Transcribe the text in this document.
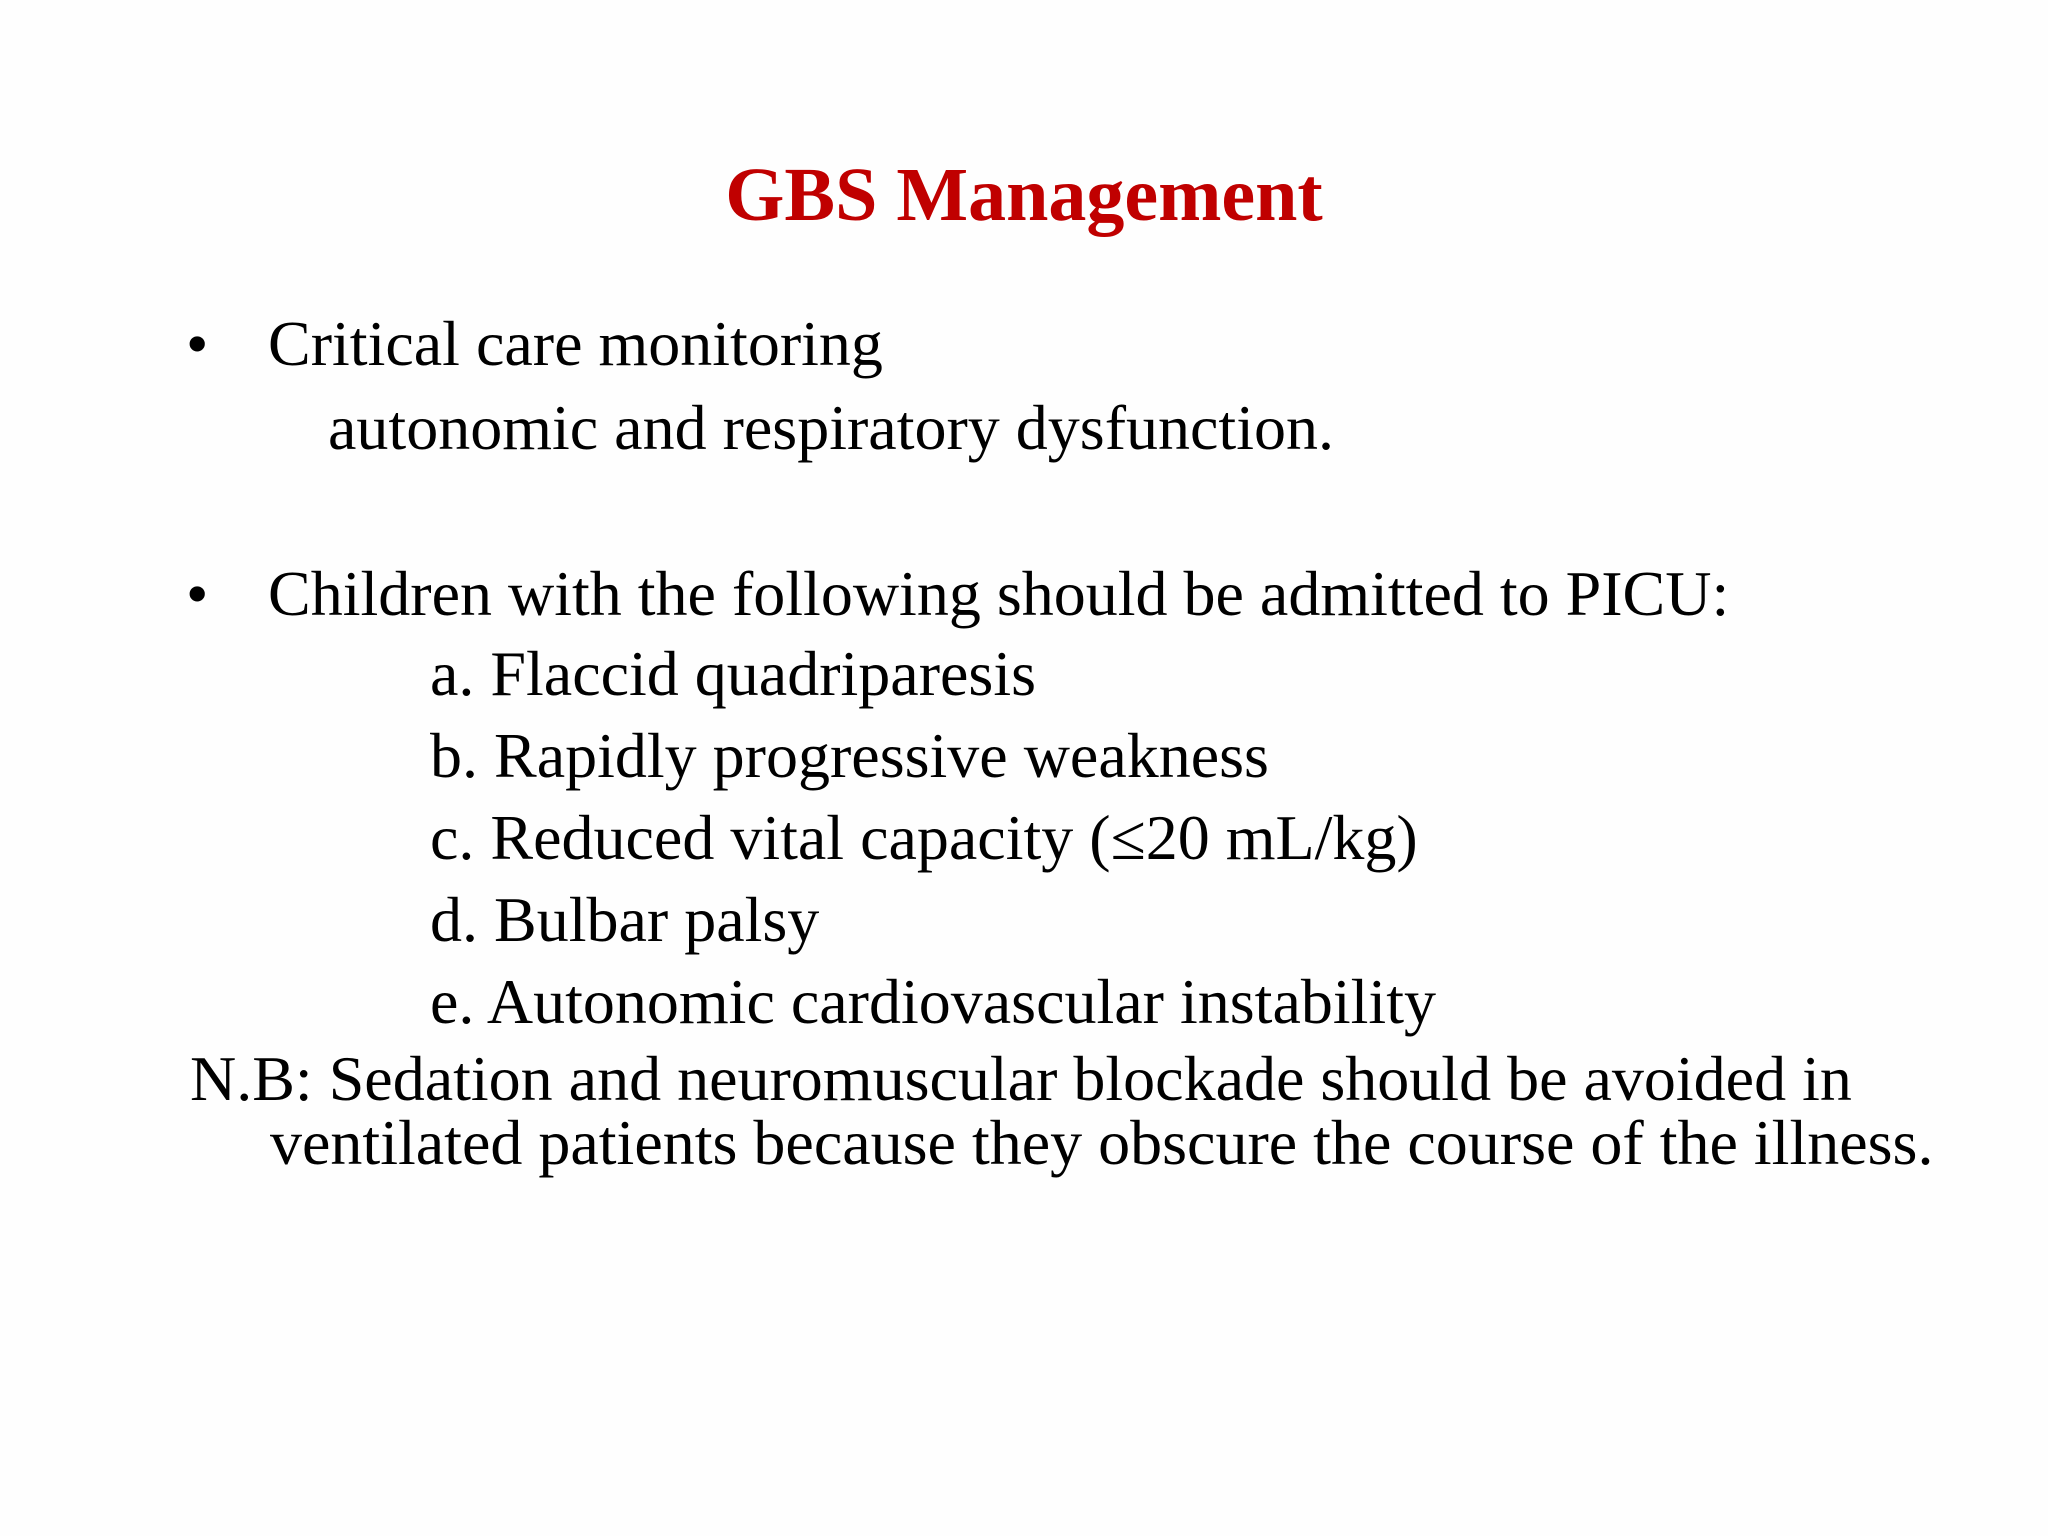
GBS Management
• Critical care monitoring
autonomic and respiratory dysfunction.
• Children with the following should be admitted to PICU:
a. Flaccid quadriparesis
b. Rapidly progressive weakness
c. Reduced vital capacity (≤20 mL/kg)
d. Bulbar palsy
e. Autonomic cardiovascular instability
N.B: Sedation and neuromuscular blockade should be avoided in ventilated patients because they obscure the course of the illness.
